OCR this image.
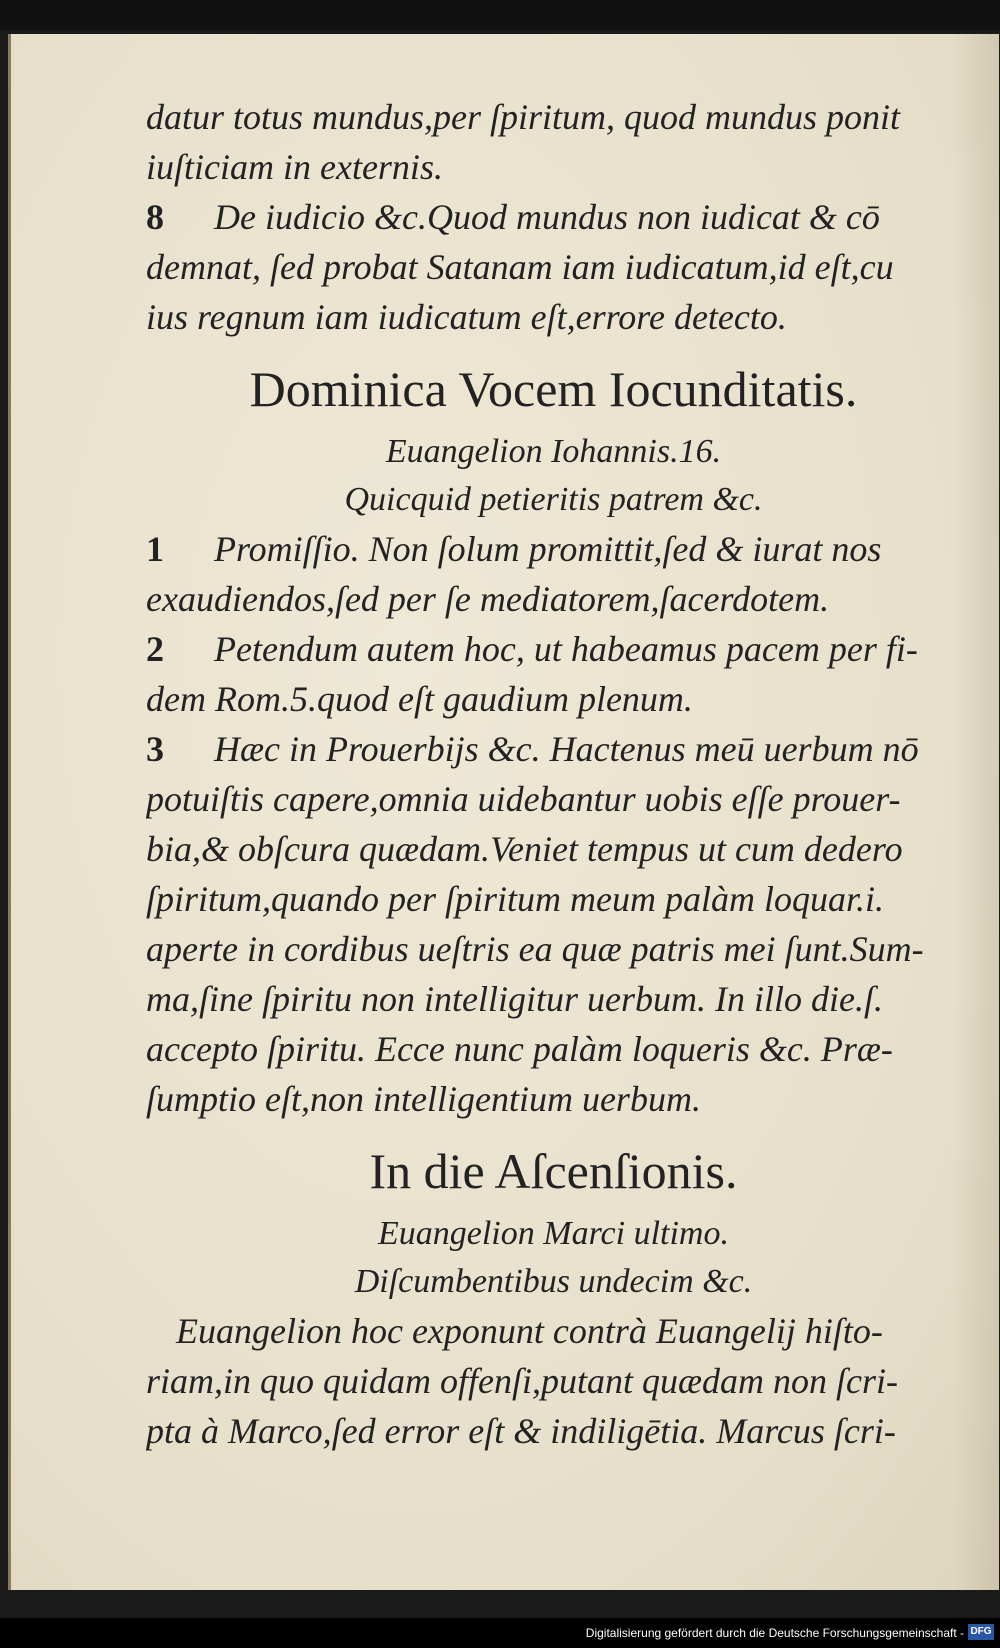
datur totus mundus,per ſpiritum, quod mundus ponit
iuſticiam in externis.
8 De iudicio &c.Quod mundus non iudicat & cō
demnat, ſed probat Satanam iam iudicatum,id eſt,cu
ius regnum iam iudicatum eſt,errore detecto.
Dominica Vocem Iocunditatis.
Euangelion Iohannis.16.
Quicquid petieritis patrem &c.
1 Promiſſio. Non ſolum promittit,ſed & iurat nos
exaudiendos,ſed per ſe mediatorem,ſacerdotem.
2 Petendum autem hoc, ut habeamus pacem per fi-
dem Rom.5.quod eſt gaudium plenum.
3 Hæc in Prouerbijs &c. Hactenus meū uerbum nō
potuiſtis capere,omnia uidebantur uobis eſſe prouer-
bia,& obſcura quædam.Veniet tempus ut cum dedero
ſpiritum,quando per ſpiritum meum palàm loquar.i.
aperte in cordibus ueſtris ea quæ patris mei ſunt.Sum-
ma,ſine ſpiritu non intelligitur uerbum. In illo die.ſ.
accepto ſpiritu. Ecce nunc palàm loqueris &c. Præ-
ſumptio eſt,non intelligentium uerbum.
In die Aſcenſionis.
Euangelion Marci ultimo.
Diſcumbentibus undecim &c.
Euangelion hoc exponunt contrà Euangelij hiſto-
riam,in quo quidam offenſi,putant quædam non ſcri-
pta à Marco,ſed error eſt & indiligētia. Marcus ſcri-
Digitalisierung gefördert durch die Deutsche Forschungsgemeinschaft - DFG
